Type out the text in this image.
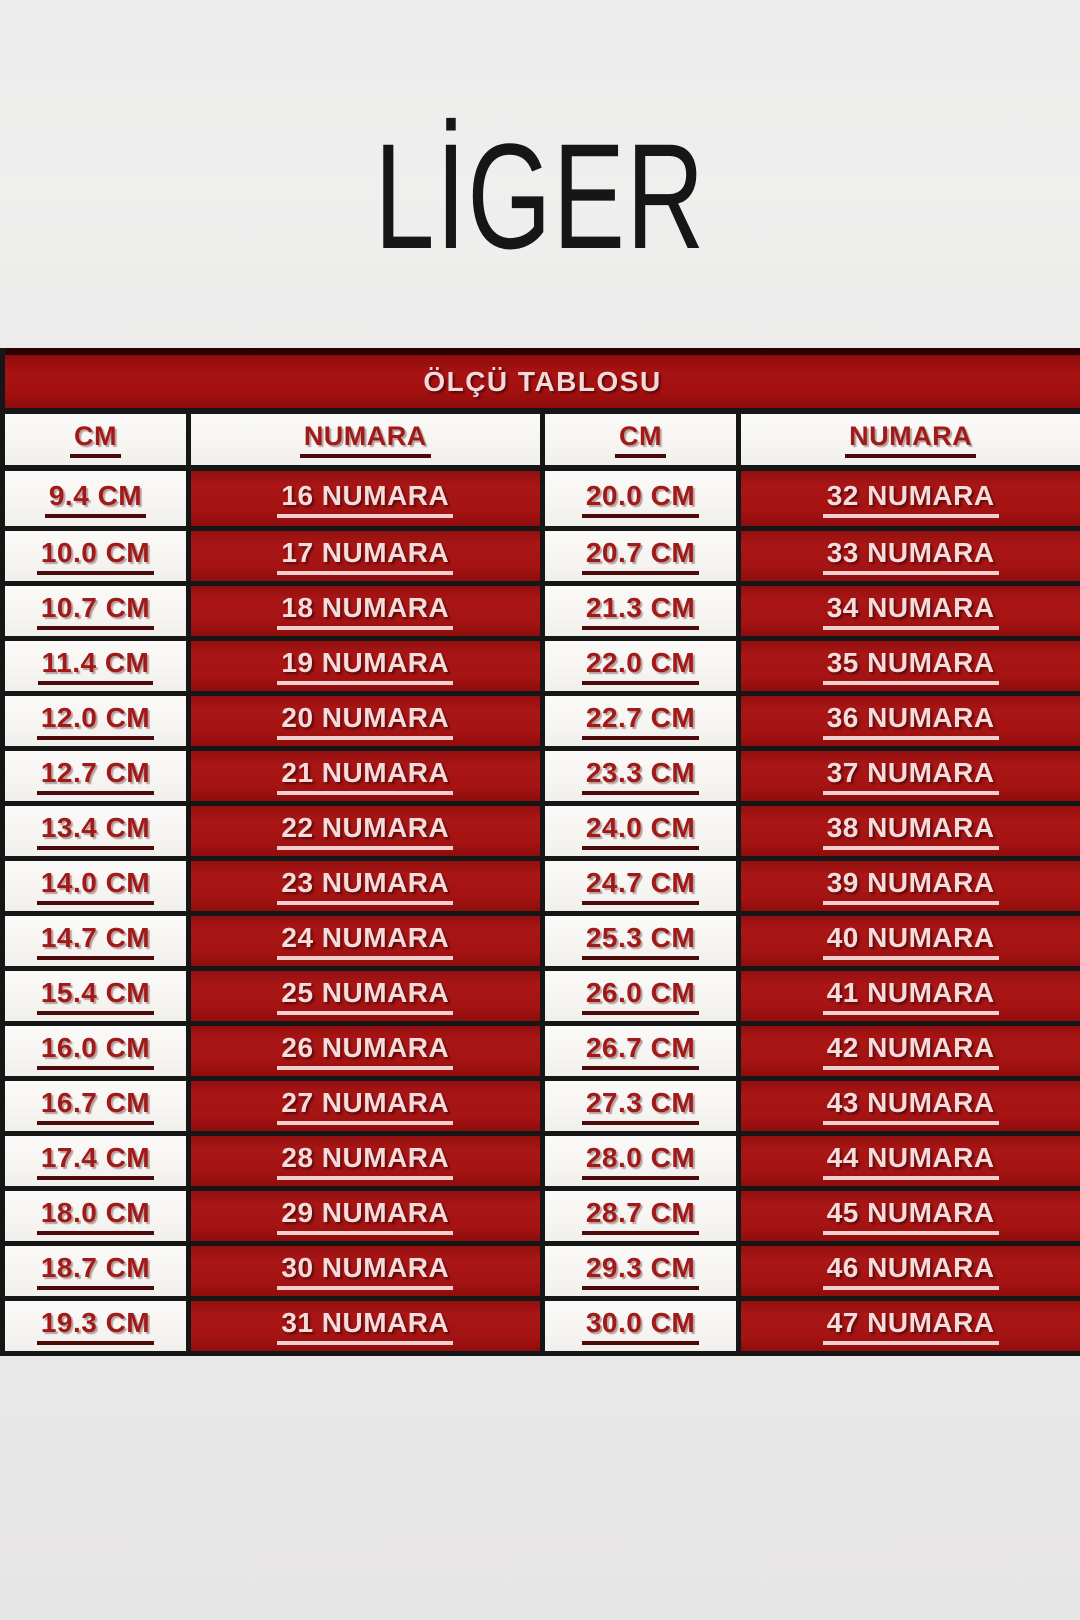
LİGER
ÖLÇÜ TABLOSU
CM	NUMARA	CM	NUMARA
9.4 CM	16 NUMARA	20.0 CM	32 NUMARA
10.0 CM	17 NUMARA	20.7 CM	33 NUMARA
10.7 CM	18 NUMARA	21.3 CM	34 NUMARA
11.4 CM	19 NUMARA	22.0 CM	35 NUMARA
12.0 CM	20 NUMARA	22.7 CM	36 NUMARA
12.7 CM	21 NUMARA	23.3 CM	37 NUMARA
13.4 CM	22 NUMARA	24.0 CM	38 NUMARA
14.0 CM	23 NUMARA	24.7 CM	39 NUMARA
14.7 CM	24 NUMARA	25.3 CM	40 NUMARA
15.4 CM	25 NUMARA	26.0 CM	41 NUMARA
16.0 CM	26 NUMARA	26.7 CM	42 NUMARA
16.7 CM	27 NUMARA	27.3 CM	43 NUMARA
17.4 CM	28 NUMARA	28.0 CM	44 NUMARA
18.0 CM	29 NUMARA	28.7 CM	45 NUMARA
18.7 CM	30 NUMARA	29.3 CM	46 NUMARA
19.3 CM	31 NUMARA	30.0 CM	47 NUMARA
